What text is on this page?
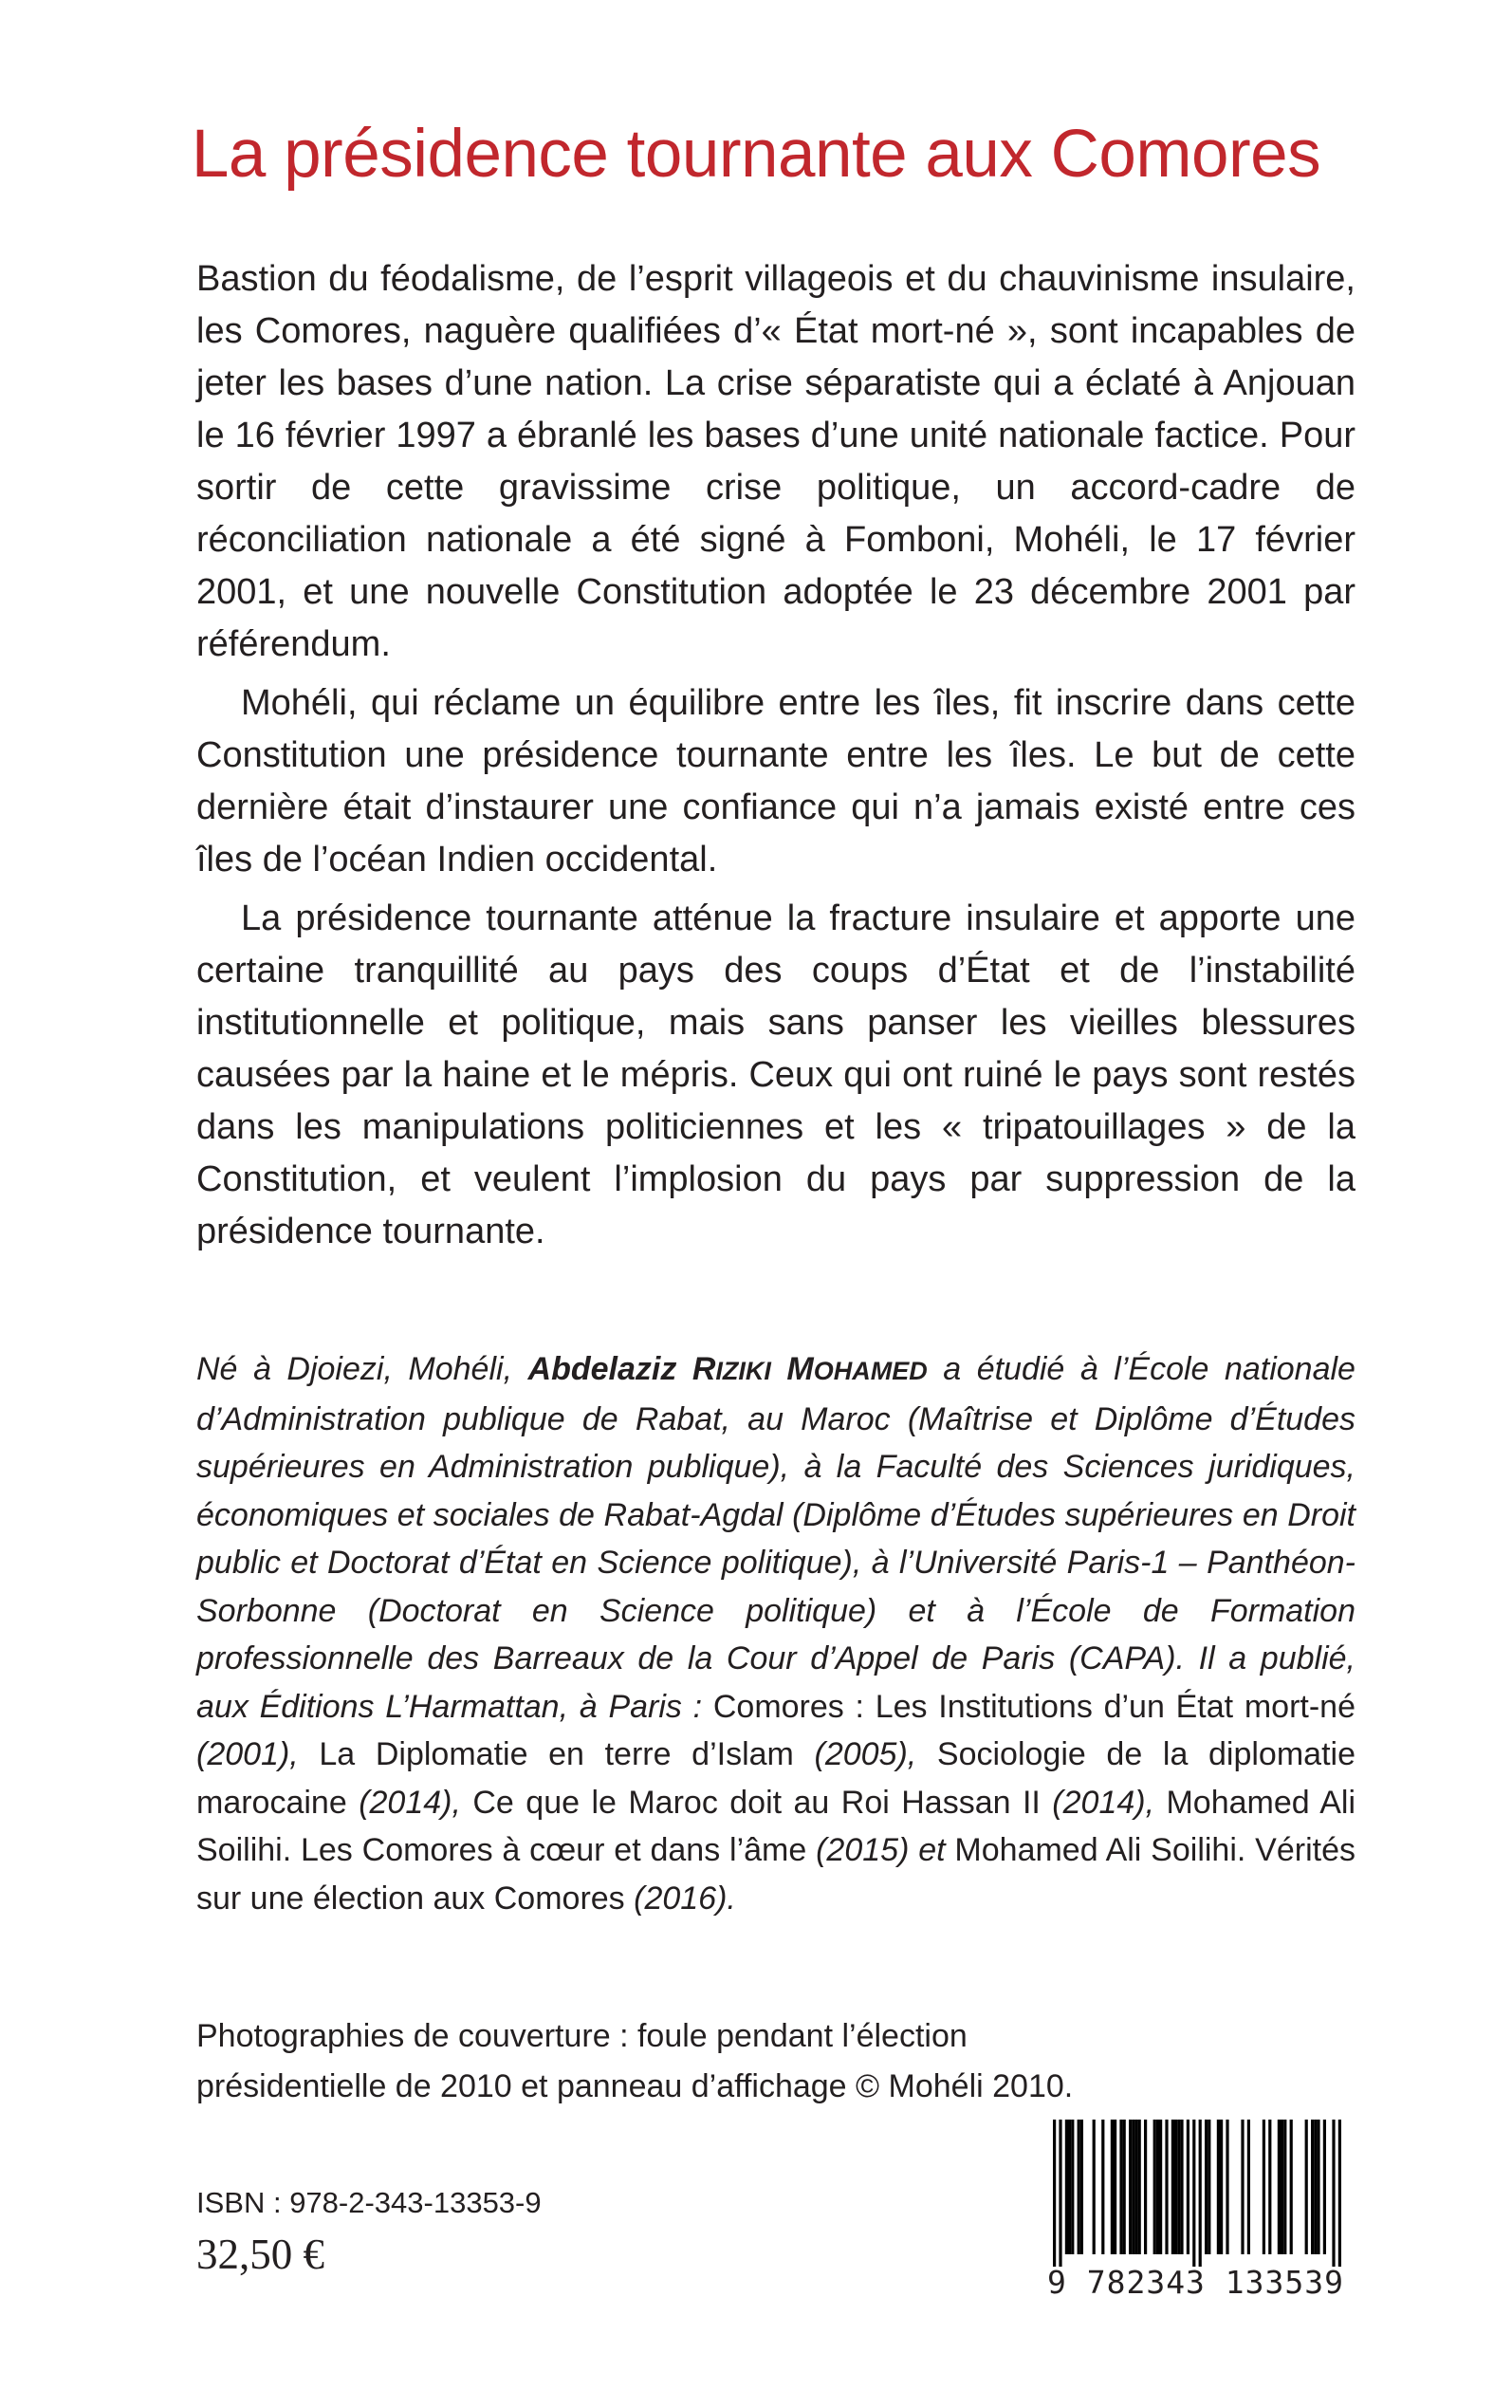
La présidence tournante aux Comores

Bastion du féodalisme, de l’esprit villageois et du chauvinisme insulaire, les Comores, naguère qualifiées d’« État mort-né », sont incapables de jeter les bases d’une nation. La crise séparatiste qui a éclaté à Anjouan le 16 février 1997 a ébranlé les bases d’une unité nationale factice. Pour sortir de cette gravissime crise politique, un accord-cadre de réconciliation nationale a été signé à Fomboni, Mohéli, le 17 février 2001, et une nouvelle Constitution adoptée le 23 décembre 2001 par référendum.

Mohéli, qui réclame un équilibre entre les îles, fit inscrire dans cette Constitution une présidence tournante entre les îles. Le but de cette dernière était d’instaurer une confiance qui n’a jamais existé entre ces îles de l’océan Indien occidental.

La présidence tournante atténue la fracture insulaire et apporte une certaine tranquillité au pays des coups d’État et de l’instabilité institutionnelle et politique, mais sans panser les vieilles blessures causées par la haine et le mépris. Ceux qui ont ruiné le pays sont restés dans les manipulations politiciennes et les « tripatouillages » de la Constitution, et veulent l’implosion du pays par suppression de la présidence tournante.

Né à Djoiezi, Mohéli, Abdelaziz RIZIKI MOHAMED a étudié à l’École nationale d’Administration publique de Rabat, au Maroc (Maîtrise et Diplôme d’Études supérieures en Administration publique), à la Faculté des Sciences juridiques, économiques et sociales de Rabat-Agdal (Diplôme d’Études supérieures en Droit public et Doctorat d’État en Science politique), à l’Université Paris-1 – Panthéon-Sorbonne (Doctorat en Science politique) et à l’École de Formation professionnelle des Barreaux de la Cour d’Appel de Paris (CAPA). Il a publié, aux Éditions L’Harmattan, à Paris : Comores : Les Institutions d’un État mort-né (2001), La Diplomatie en terre d’Islam (2005), Sociologie de la diplomatie marocaine (2014), Ce que le Maroc doit au Roi Hassan II (2014), Mohamed Ali Soilihi. Les Comores à cœur et dans l’âme (2015) et Mohamed Ali Soilihi. Vérités sur une élection aux Comores (2016).

Photographies de couverture : foule pendant l’élection présidentielle de 2010 et panneau d’affichage © Mohéli 2010.

ISBN : 978-2-343-13353-9

32,50 €

9 782343 133539
